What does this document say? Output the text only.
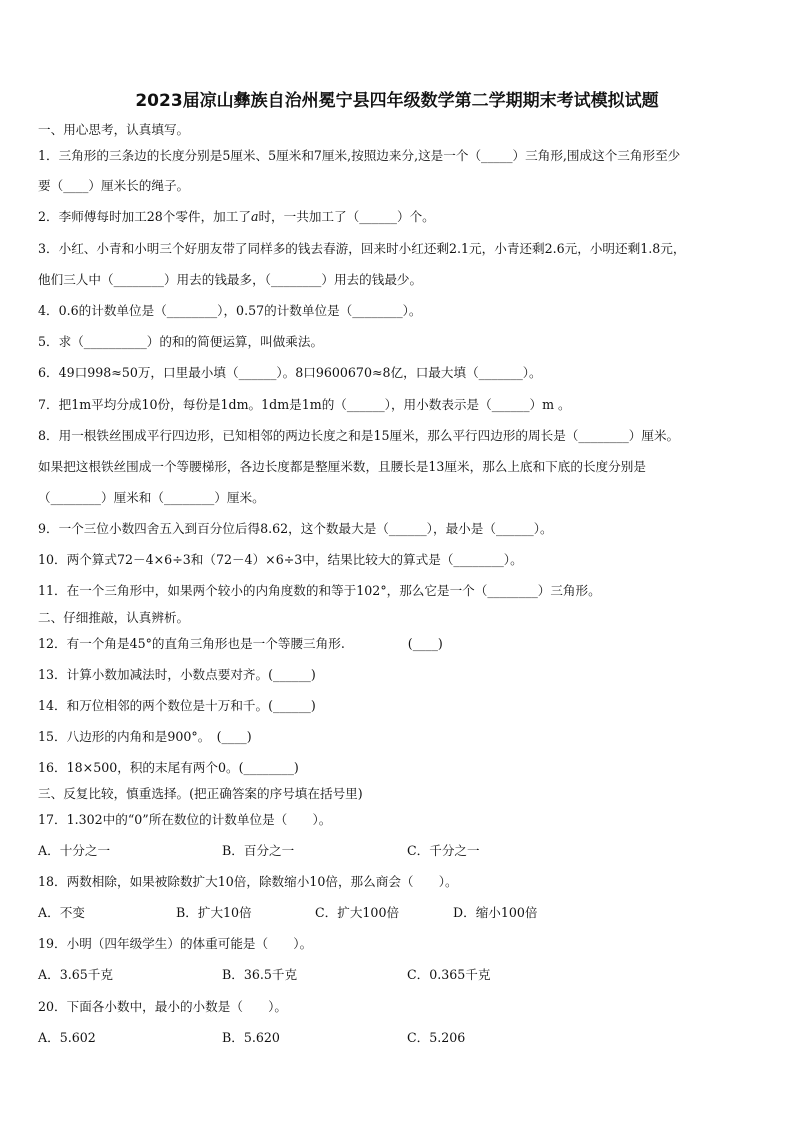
2023届凉山彝族自治州冕宁县四年级数学第二学期期末考试模拟试题
一、用心思考，认真填写。
1．三角形的三条边的长度分别是5厘米、5厘米和7厘米,按照边来分,这是一个（_____）三角形,围成这个三角形至少
要（____）厘米长的绳子。
2．李师傅每时加工28个零件，加工了𝑎时，一共加工了（______）个。
3．小红、小青和小明三个好朋友带了同样多的钱去春游，回来时小红还剩2.1元，小青还剩2.6元，小明还剩1.8元，
他们三人中（________）用去的钱最多，（________）用去的钱最少。
4．0.6的计数单位是（________），0.57的计数单位是（________）。
5．求（__________）的和的简便运算，叫做乘法。
6．49口998≈50万，口里最小填（______）。8口9600670≈8亿，口最大填（_______）。
7．把1m平均分成10份，每份是1dm。1dm是1m的（______），用小数表示是（______）m 。
8．用一根铁丝围成平行四边形，已知相邻的两边长度之和是15厘米，那么平行四边形的周长是（________）厘米。
如果把这根铁丝围成一个等腰梯形，各边长度都是整厘米数，且腰长是13厘米，那么上底和下底的长度分别是
（________）厘米和（________）厘米。
9．一个三位小数四舍五入到百分位后得8.62，这个数最大是（______），最小是（______）。
10．两个算式72－4×6÷3和（72－4）×6÷3中，结果比较大的算式是（________）。
11．在一个三角形中，如果两个较小的内角度数的和等于102°，那么它是一个（________）三角形。
二、仔细推敲，认真辨析。
12．有一个角是45°的直角三角形也是一个等腰三角形.　　　　　(____)
13．计算小数加减法时，小数点要对齐。(______)
14．和万位相邻的两个数位是十万和千。(______)
15．八边形的内角和是900°。　(____)
16．18×500，积的末尾有两个0。(________)
三、反复比较，慎重选择。(把正确答案的序号填在括号里)
17．1.302中的“0”所在数位的计数单位是（　　）。
A．十分之一	B．百分之一	C．千分之一
18．两数相除，如果被除数扩大10倍，除数缩小10倍，那么商会（　　）。
A．不变	B．扩大10倍	C．扩大100倍	D．缩小100倍
19．小明（四年级学生）的体重可能是（　　）。
A．3.65千克	B．36.5千克	C．0.365千克
20．下面各小数中，最小的小数是（　　）。
A．5.602	B．5.620	C．5.206
